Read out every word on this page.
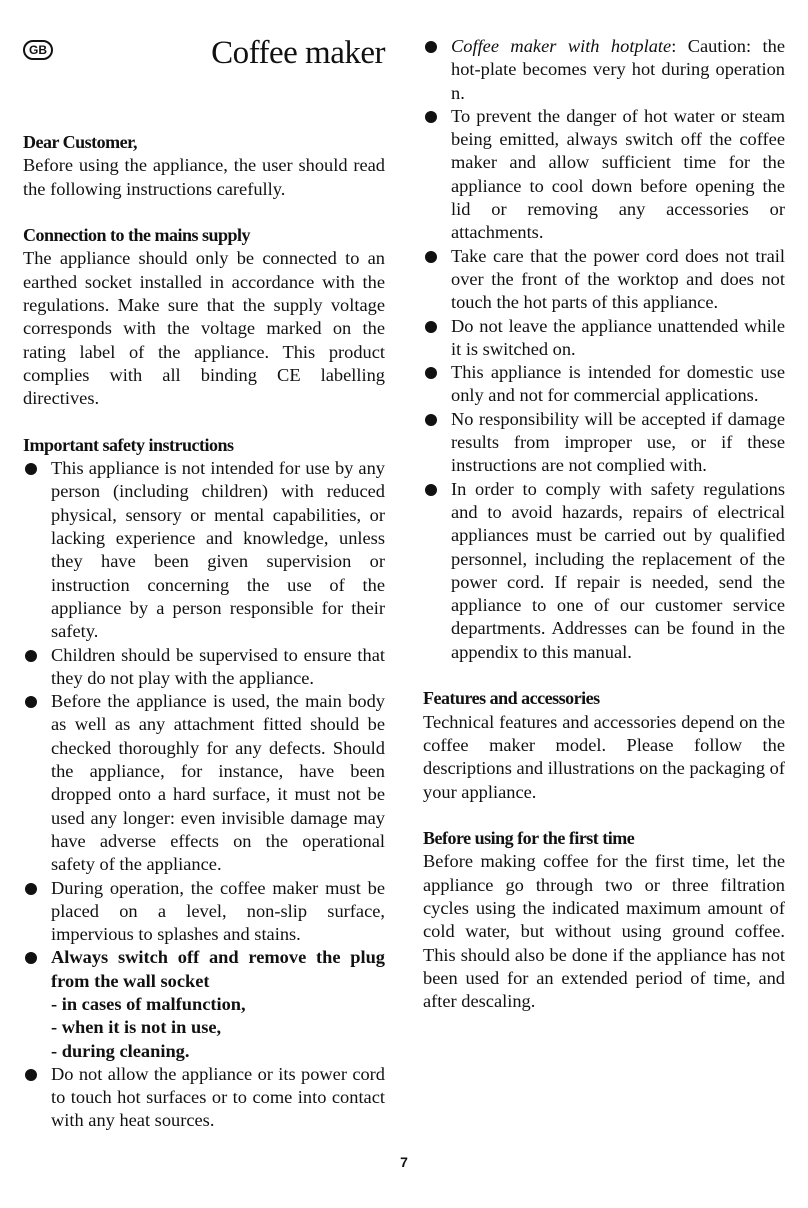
GB	Coffee maker

Dear Customer,

Before using the appliance, the user should read the following instructions carefully.

Connection to the mains supply

The appliance should only be connected to an earthed socket installed in accordance with the regulations. Make sure that the supply voltage corresponds with the voltage marked on the rating label of the appliance. This product complies with all binding CE labelling directives.

Important safety instructions

This appliance is not intended for use by any person (including children) with reduced physical, sensory or mental capabilities, or lacking experience and knowledge, unless they have been given supervision or instruction concerning the use of the appliance by a person responsible for their safety.
Children should be supervised to ensure that they do not play with the appliance.
Before the appliance is used, the main body as well as any attachment fitted should be checked thoroughly for any defects. Should the appliance, for instance, have been dropped onto a hard surface, it must not be used any longer: even invisible damage may have adverse effects on the operational safety of the appliance.
During operation, the coffee maker must be placed on a level, non-slip surface, impervious to splashes and stains.
Always switch off and remove the plug from the wall socket
- in cases of malfunction,
- when it is not in use,
- during cleaning.
Do not allow the appliance or its power cord to touch hot surfaces or to come into contact with any heat sources.
Coffee maker with hotplate: Caution: the hot-plate becomes very hot during operation n.
To prevent the danger of hot water or steam being emitted, always switch off the coffee maker and allow sufficient time for the appliance to cool down before opening the lid or removing any accessories or attachments.
Take care that the power cord does not trail over the front of the worktop and does not touch the hot parts of this appliance.
Do not leave the appliance unattended while it is switched on.
This appliance is intended for domestic use only and not for commercial applications.
No responsibility will be accepted if damage results from improper use, or if these instructions are not complied with.
In order to comply with safety regulations and to avoid hazards, repairs of electrical appliances must be carried out by qualified personnel, including the replacement of the power cord. If repair is needed, send the appliance to one of our customer service departments. Addresses can be found in the appendix to this manual.

Features and accessories

Technical features and accessories depend on the coffee maker model. Please follow the descriptions and illustrations on the packaging of your appliance.

Before using for the first time

Before making coffee for the first time, let the appliance go through two or three filtration cycles using the indicated maximum amount of cold water, but without using ground coffee. This should also be done if the appliance has not been used for an extended period of time, and after descaling.

7
